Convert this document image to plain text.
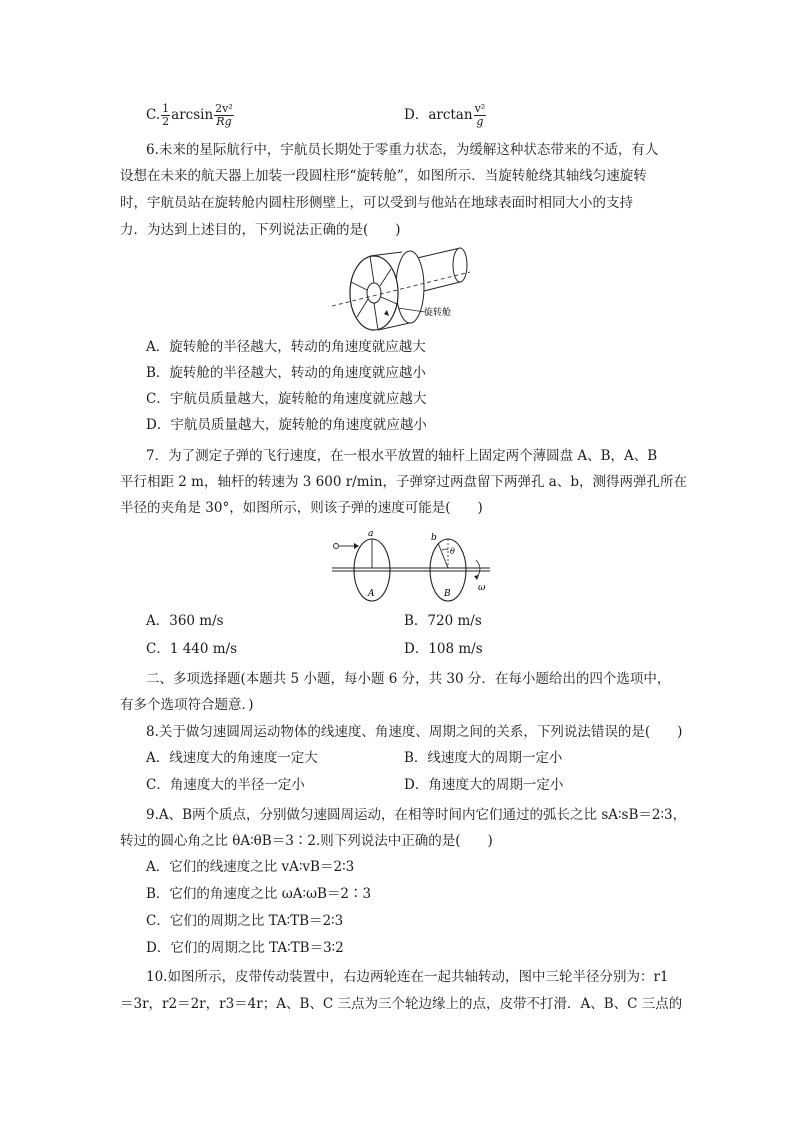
C. $\frac{1}{2}$ $\arcsin \frac{\text{2v²}}{Rg}$	D．$\arctan \frac{\text{v²}}{g}$
6.未来的星际航行中，宇航员长期处于零重力状态，为缓解这种状态带来的不适，有人
设想在未来的航天器上加装一段圆柱形“旋转舱”，如图所示．当旋转舱绕其轴线匀速旋转
时，宇航员站在旋转舱内圆柱形侧壁上，可以受到与他站在地球表面时相同大小的支持
力．为达到上述目的，下列说法正确的是(　　)
旋转舱
A．旋转舱的半径越大，转动的角速度就应越大
B．旋转舱的半径越大，转动的角速度就应越小
C．宇航员质量越大，旋转舱的角速度就应越大
D．宇航员质量越大，旋转舱的角速度就应越小
7．为了测定子弹的飞行速度，在一根水平放置的轴杆上固定两个薄圆盘 A、B，A、B
平行相距 2 m，轴杆的转速为 3 600 r/min，子弹穿过两盘留下两弹孔 a、b，测得两弹孔所在
半径的夹角是 30°，如图所示，则该子弹的速度可能是(　　)
a
A
b
θ
B
ω
A．360 m/s	B．720 m/s
C．1 440 m/s	D．108 m/s
二、多项选择题(本题共 5 小题，每小题 6 分，共 30 分．在每小题给出的四个选项中，
有多个选项符合题意．)
8.关于做匀速圆周运动物体的线速度、角速度、周期之间的关系，下列说法错误的是(　　)
A．线速度大的角速度一定大	B．线速度大的周期一定小
C．角速度大的半径一定小	D．角速度大的周期一定小
9.A、B两个质点，分别做匀速圆周运动，在相等时间内它们通过的弧长之比 sA∶sB＝2∶3，
转过的圆心角之比 θA∶θB＝3∶2.则下列说法中正确的是(　　)
A．它们的线速度之比 vA∶vB＝2∶3
B．它们的角速度之比 ωA∶ωB＝2∶3
C．它们的周期之比 TA∶TB＝2∶3
D．它们的周期之比 TA∶TB＝3∶2
10.如图所示，皮带传动装置中，右边两轮连在一起共轴转动，图中三轮半径分别为：r1
＝3r，r2＝2r，r3＝4r；A、B、C 三点为三个轮边缘上的点，皮带不打滑．A、B、C 三点的
